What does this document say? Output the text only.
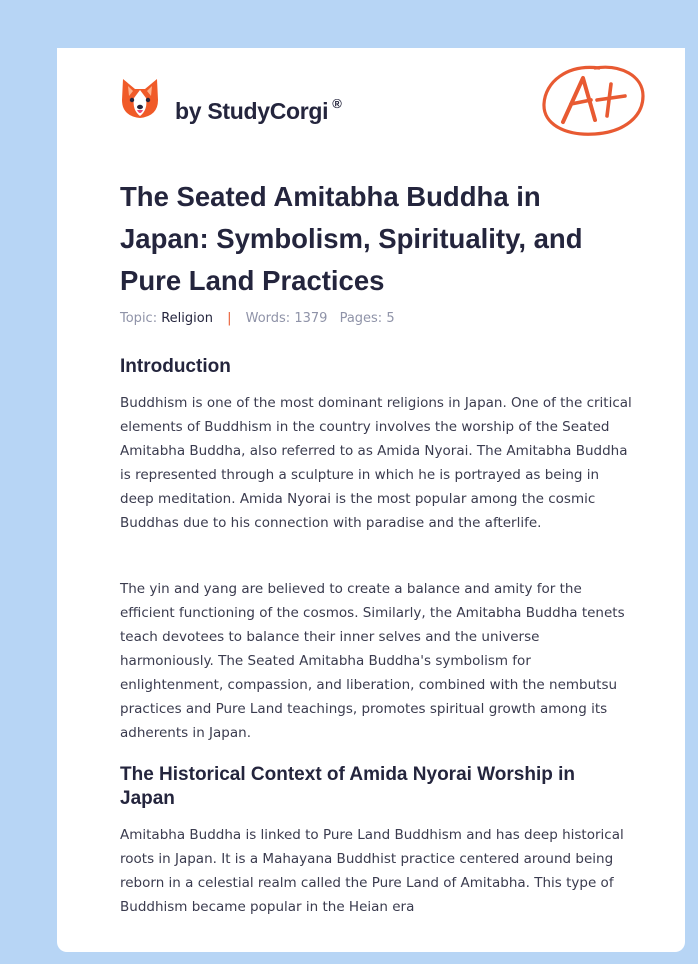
by StudyCorgi ®
The Seated Amitabha Buddha in Japan: Symbolism, Spirituality, and Pure Land Practices
Topic: Religion | Words: 1379 Pages: 5
Introduction

Buddhism is one of the most dominant religions in Japan. One of the critical elements of Buddhism in the country involves the worship of the Seated Amitabha Buddha, also referred to as Amida Nyorai. The Amitabha Buddha is represented through a sculpture in which he is portrayed as being in deep meditation. Amida Nyorai is the most popular among the cosmic Buddhas due to his connection with paradise and the afterlife.

The yin and yang are believed to create a balance and amity for the efficient functioning of the cosmos. Similarly, the Amitabha Buddha tenets teach devotees to balance their inner selves and the universe harmoniously. The Seated Amitabha Buddha's symbolism for enlightenment, compassion, and liberation, combined with the nembutsu practices and Pure Land teachings, promotes spiritual growth among its adherents in Japan.

The Historical Context of Amida Nyorai Worship in Japan

Amitabha Buddha is linked to Pure Land Buddhism and has deep historical roots in Japan. It is a Mahayana Buddhist practice centered around being reborn in a celestial realm called the Pure Land of Amitabha. This type of Buddhism became popular in the Heian era
